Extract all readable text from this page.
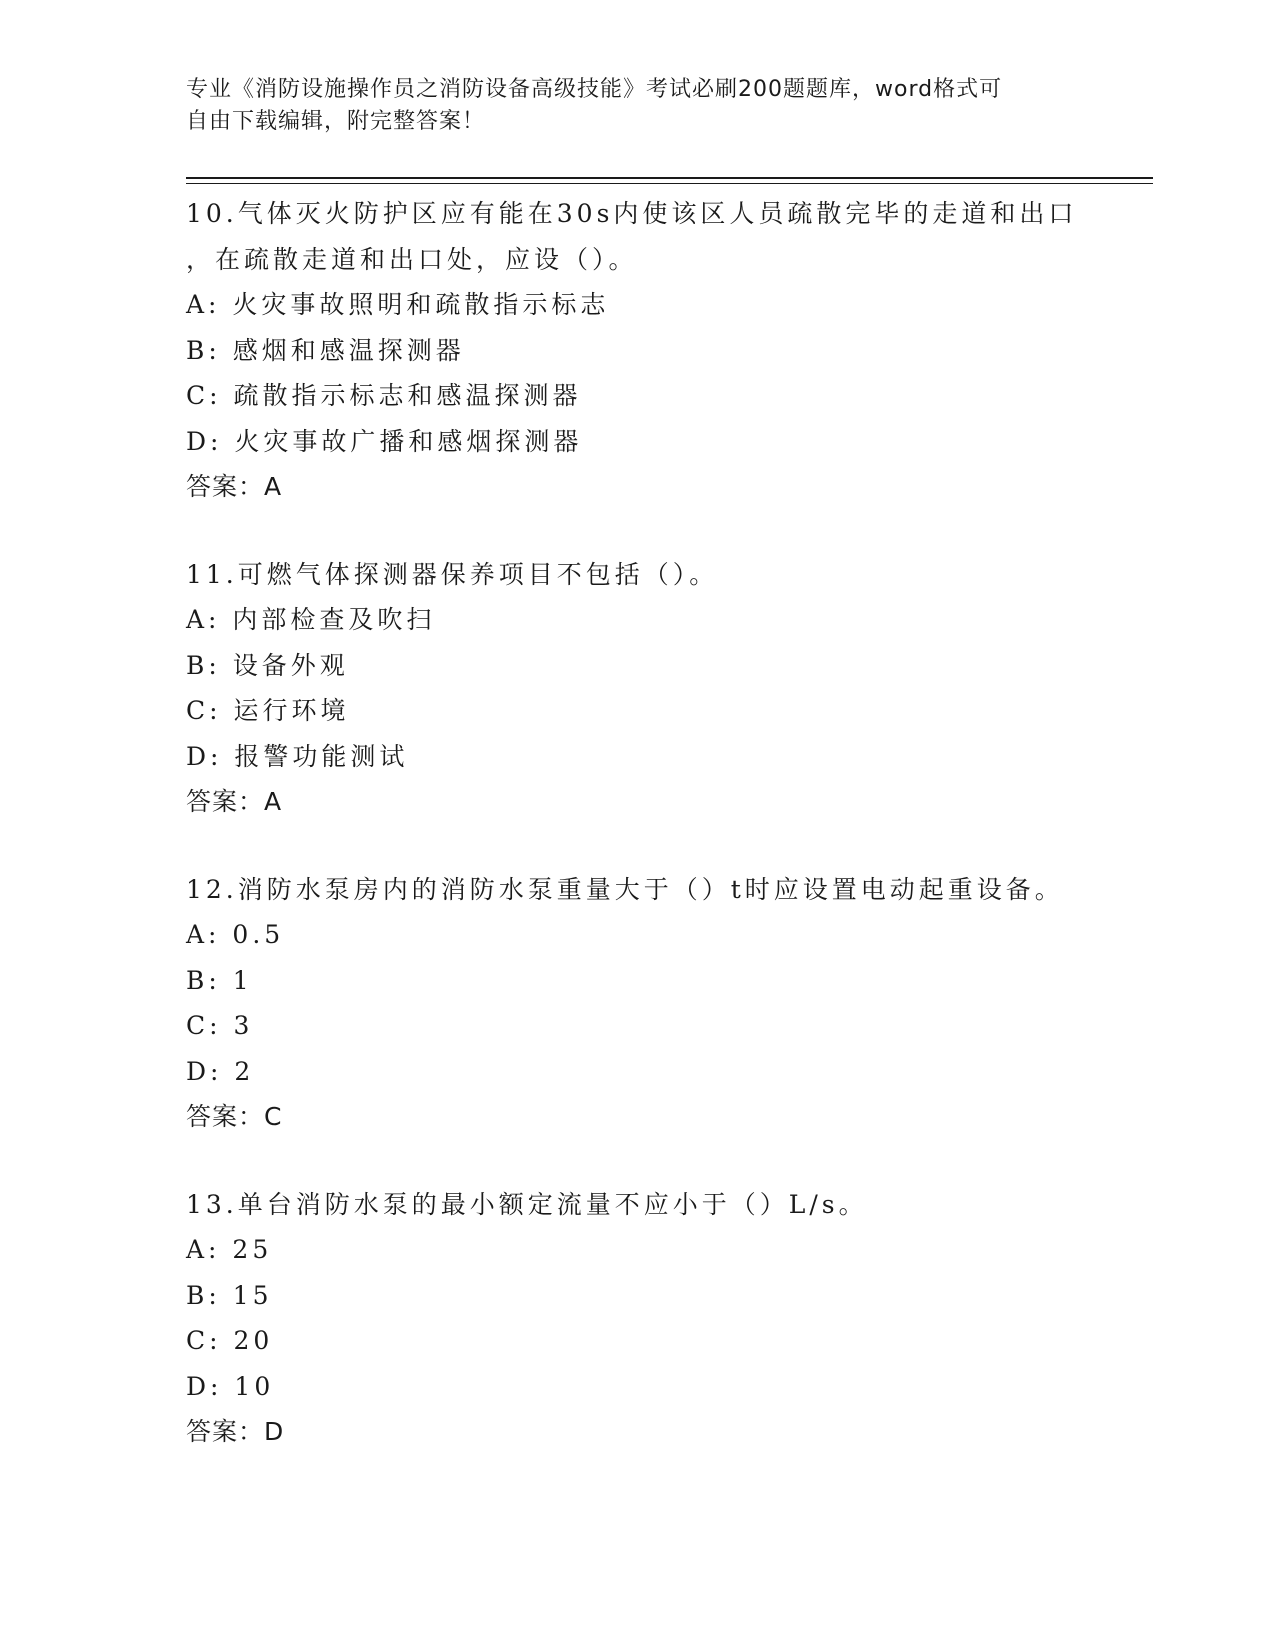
专业《消防设施操作员之消防设备高级技能》考试必刷200题题库，word格式可
自由下载编辑，附完整答案！
10.气体灭火防护区应有能在30s内使该区人员疏散完毕的走道和出口
，在疏散走道和出口处，应设（）。
A: 火灾事故照明和疏散指示标志
B: 感烟和感温探测器
C: 疏散指示标志和感温探测器
D: 火灾事故广播和感烟探测器
答案：A
11.可燃气体探测器保养项目不包括（）。
A: 内部检查及吹扫
B: 设备外观
C: 运行环境
D: 报警功能测试
答案：A
12.消防水泵房内的消防水泵重量大于（）t时应设置电动起重设备。
A: 0.5
B: 1
C: 3
D: 2
答案：C
13.单台消防水泵的最小额定流量不应小于（）L/s。
A: 25
B: 15
C: 20
D: 10
答案：D
